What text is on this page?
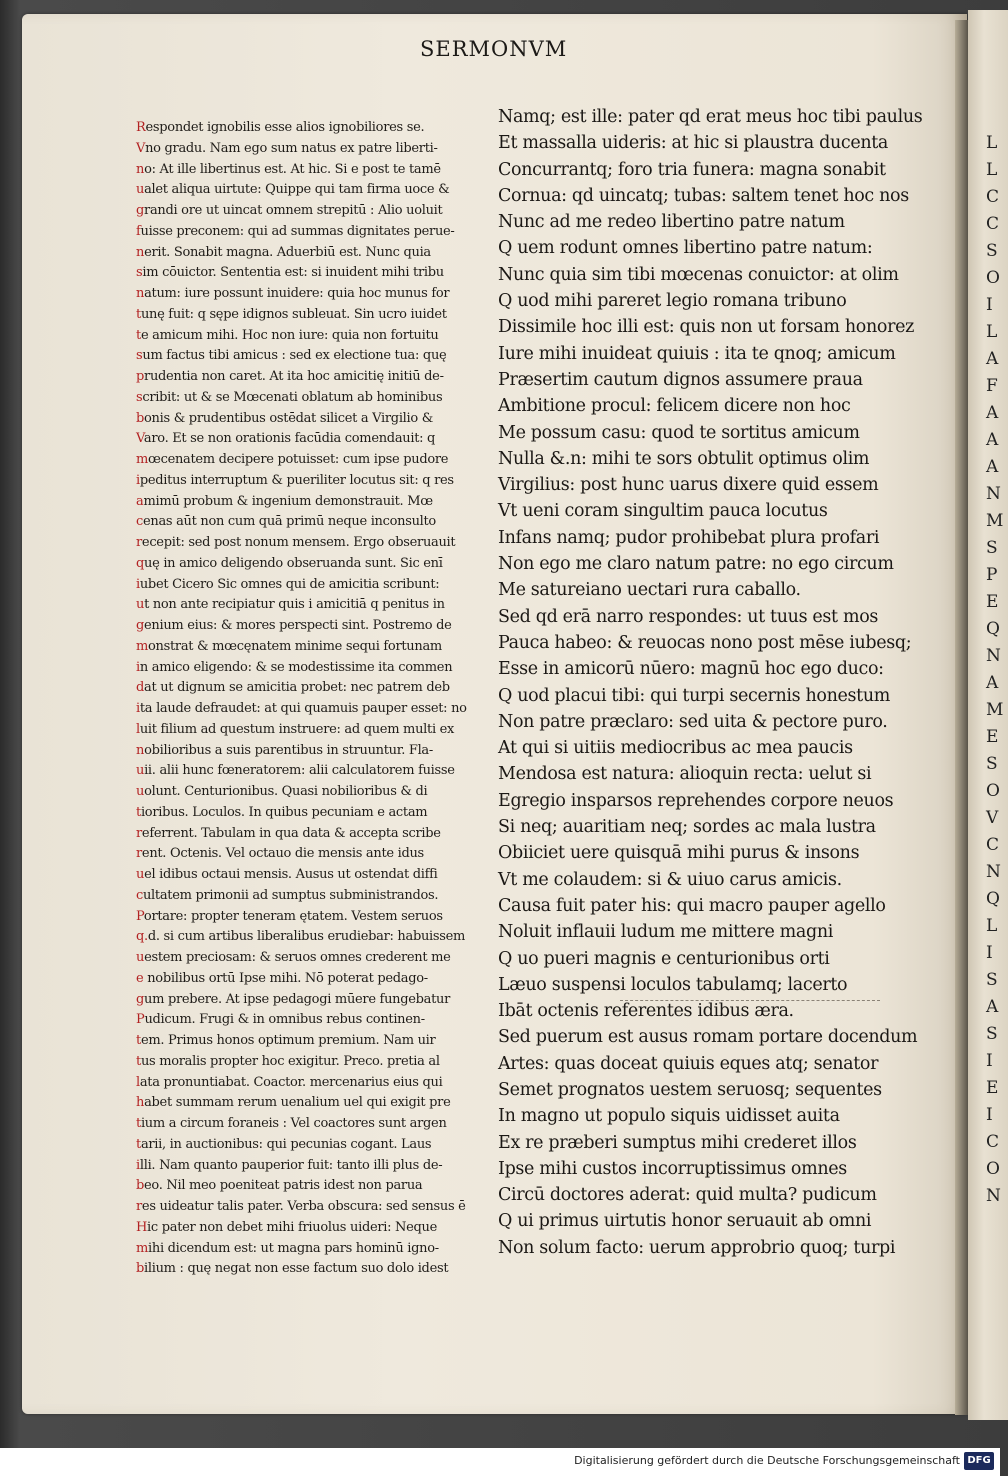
L
L
C
C
S
O
I
L
A
F
A
A
A
N
M
S
P
E
Q
N
A
M
E
S
O
V
C
N
Q
L
I
S
A
S
I
E
I
C
O
N
SERMONVM
Respondet ignobilis esse alios ignobiliores se.
Vno gradu. Nam ego sum natus ex patre liberti-
no: At ille libertinus est. At hic. Si e post te tamē
ualet aliqua uirtute: Quippe qui tam firma uoce &
grandi ore ut uincat omnem strepitū : Alio uoluit
fuisse preconem: qui ad summas dignitates perue-
nerit. Sonabit magna. Aduerbiū est. Nunc quia
sim cōuictor. Sententia est: si inuident mihi tribu
natum: iure possunt inuidere: quia hoc munus for
tunę fuit: q sępe idignos subleuat. Sin ucro iuidet
te amicum mihi. Hoc non iure: quia non fortuitu
sum factus tibi amicus : sed ex electione tua: quę
prudentia non caret. At ita hoc amicitię initiū de-
scribit: ut & se Mœcenati oblatum ab hominibus
bonis & prudentibus ostēdat silicet a Virgilio &
Varo. Et se non orationis facūdia comendauit: q
mœcenatem decipere potuisset: cum ipse pudore
ipeditus interruptum & pueriliter locutus sit: q res
amimū probum & ingenium demonstrauit. Mœ
cenas aūt non cum quā primū neque inconsulto
recepit: sed post nonum mensem. Ergo obseruauit
quę in amico deligendo obseruanda sunt. Sic enī
iubet Cicero Sic omnes qui de amicitia scribunt:
ut non ante recipiatur quis i amicitiā q penitus in
genium eius: & mores perspecti sint. Postremo de
monstrat & mœcęnatem minime sequi fortunam
in amico eligendo: & se modestissime ita commen
dat ut dignum se amicitia probet: nec patrem deb
ita laude defraudet: at qui quamuis pauper esset: no
luit filium ad questum instruere: ad quem multi ex
nobilioribus a suis parentibus in struuntur. Fla-
uii. alii hunc fœneratorem: alii calculatorem fuisse
uolunt. Centurionibus. Quasi nobilioribus & di
tioribus. Loculos. In quibus pecuniam e actam
referrent. Tabulam in qua data & accepta scribe
rent. Octenis. Vel octauo die mensis ante idus
uel idibus octaui mensis. Ausus ut ostendat diffi
cultatem primonii ad sumptus subministrandos.
Portare: propter teneram ętatem. Vestem seruos
q.d. si cum artibus liberalibus erudiebar: habuissem
uestem preciosam: & seruos omnes crederent me
e nobilibus ortū Ipse mihi. Nō poterat pedago-
gum prebere. At ipse pedagogi mūere fungebatur
Pudicum. Frugi & in omnibus rebus continen-
tem. Primus honos optimum premium. Nam uir
tus moralis propter hoc exigitur. Preco. pretia al
lata pronuntiabat. Coactor. mercenarius eius qui
habet summam rerum uenalium uel qui exigit pre
tium a circum foraneis : Vel coactores sunt argen
tarii, in auctionibus: qui pecunias cogant. Laus
illi. Nam quanto pauperior fuit: tanto illi plus de-
beo. Nil meo poeniteat patris idest non parua
res uideatur talis pater. Verba obscura: sed sensus ē
Hic pater non debet mihi friuolus uideri: Neque
mihi dicendum est: ut magna pars hominū igno-
bilium : quę negat non esse factum suo dolo idest
Namq; est ille: pater qd erat meus hoc tibi paulus
Et massalla uideris: at hic si plaustra ducenta
Concurrantq; foro tria funera: magna sonabit
Cornua: qd uincatq; tubas: saltem tenet hoc nos
Nunc ad me redeo libertino patre natum
Q uem rodunt omnes libertino patre natum:
Nunc quia sim tibi mœcenas conuictor: at olim
Q uod mihi pareret legio romana tribuno
Dissimile hoc illi est: quis non ut forsam honorez
Iure mihi inuideat quiuis : ita te qnoq; amicum
Præsertim cautum dignos assumere praua
Ambitione procul: felicem dicere non hoc
Me possum casu: quod te sortitus amicum
Nulla &.n: mihi te sors obtulit optimus olim
Virgilius: post hunc uarus dixere quid essem
Vt ueni coram singultim pauca locutus
Infans namq; pudor prohibebat plura profari
Non ego me claro natum patre: no ego circum
Me satureiano uectari rura caballo.
Sed qd erā narro respondes: ut tuus est mos
Pauca habeo: & reuocas nono post mēse iubesq;
Esse in amicorū nūero: magnū hoc ego duco:
Q uod placui tibi: qui turpi secernis honestum
Non patre præclaro: sed uita & pectore puro.
At qui si uitiis mediocribus ac mea paucis
Mendosa est natura: alioquin recta: uelut si
Egregio insparsos reprehendes corpore neuos
Si neq; auaritiam neq; sordes ac mala lustra
Obiiciet uere quisquā mihi purus & insons
Vt me colaudem: si & uiuo carus amicis.
Causa fuit pater his: qui macro pauper agello
Noluit inflauii ludum me mittere magni
Q uo pueri magnis e centurionibus orti
Læuo suspensi loculos tabulamq; lacerto
Ibāt octenis referentes idibus æra.
Sed puerum est ausus romam portare docendum
Artes: quas doceat quiuis eques atq; senator
Semet prognatos uestem seruosq; sequentes
In magno ut populo siquis uidisset auita
Ex re præberi sumptus mihi crederet illos
Ipse mihi custos incorruptissimus omnes
Circū doctores aderat: quid multa? pudicum
Q ui primus uirtutis honor seruauit ab omni
Non solum facto: uerum approbrio quoq; turpi
Digitalisierung gefördert durch die Deutsche Forschungsgemeinschaft DFG
